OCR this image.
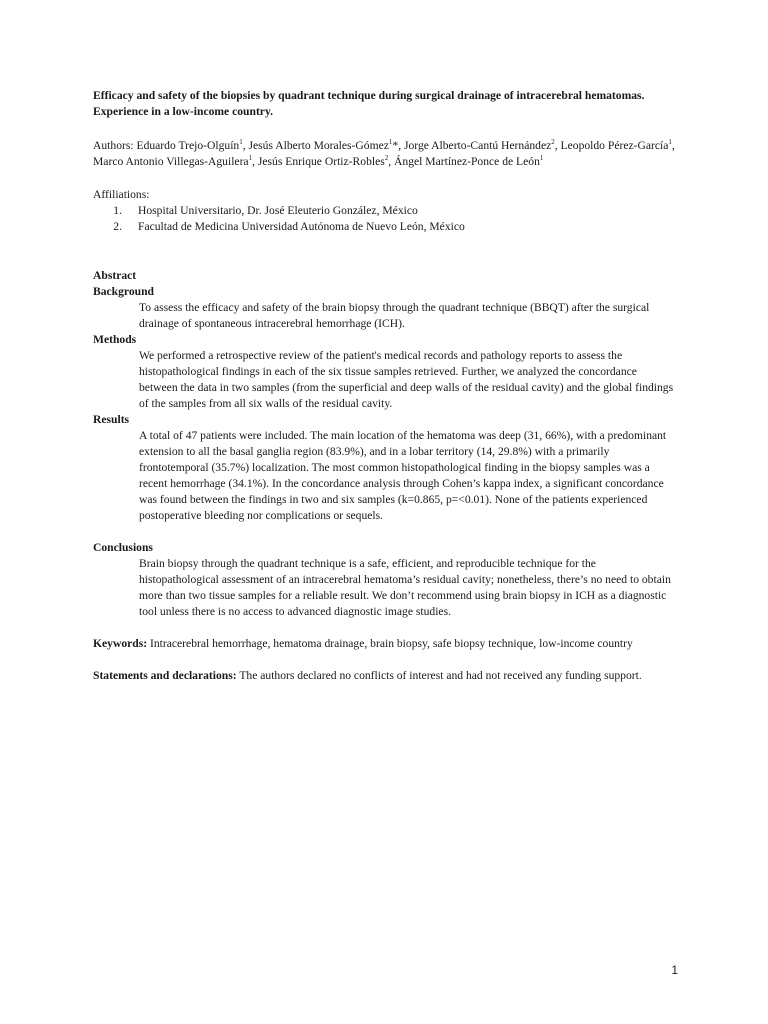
Efficacy and safety of the biopsies by quadrant technique during surgical drainage of intracerebral hematomas. Experience in a low-income country.

Authors: Eduardo Trejo-Olguín$^1$, Jesús Alberto Morales-Gómez$^1$*, Jorge Alberto-Cantú Hernández$^2$, Leopoldo Pérez-García$^1$, Marco Antonio Villegas-Aguilera$^1$, Jesús Enrique Ortiz-Robles$^2$, Ángel Martínez-Ponce de León$^1$

Affiliations:

1.	Hospital Universitario, Dr. José Eleuterio González, México
2.	Facultad de Medicina Universidad Autónoma de Nuevo León, México

Abstract

Background

To assess the efficacy and safety of the brain biopsy through the quadrant technique (BBQT) after the surgical drainage of spontaneous intracerebral hemorrhage (ICH).

Methods

We performed a retrospective review of the patient's medical records and pathology reports to assess the histopathological findings in each of the six tissue samples retrieved. Further, we analyzed the concordance between the data in two samples (from the superficial and deep walls of the residual cavity) and the global findings of the samples from all six walls of the residual cavity.

Results

A total of 47 patients were included. The main location of the hematoma was deep (31, 66%), with a predominant extension to all the basal ganglia region (83.9%), and in a lobar territory (14, 29.8%) with a primarily frontotemporal (35.7%) localization. The most common histopathological finding in the biopsy samples was a recent hemorrhage (34.1%). In the concordance analysis through Cohen’s kappa index, a significant concordance was found between the findings in two and six samples (k=0.865, p=<0.01). None of the patients experienced postoperative bleeding nor complications or sequels.

Conclusions

Brain biopsy through the quadrant technique is a safe, efficient, and reproducible technique for the histopathological assessment of an intracerebral hematoma’s residual cavity; nonetheless, there’s no need to obtain more than two tissue samples for a reliable result. We don’t recommend using brain biopsy in ICH as a diagnostic tool unless there is no access to advanced diagnostic image studies.

Keywords: Intracerebral hemorrhage, hematoma drainage, brain biopsy, safe biopsy technique, low-income country

Statements and declarations: The authors declared no conflicts of interest and had not received any funding support.

1
